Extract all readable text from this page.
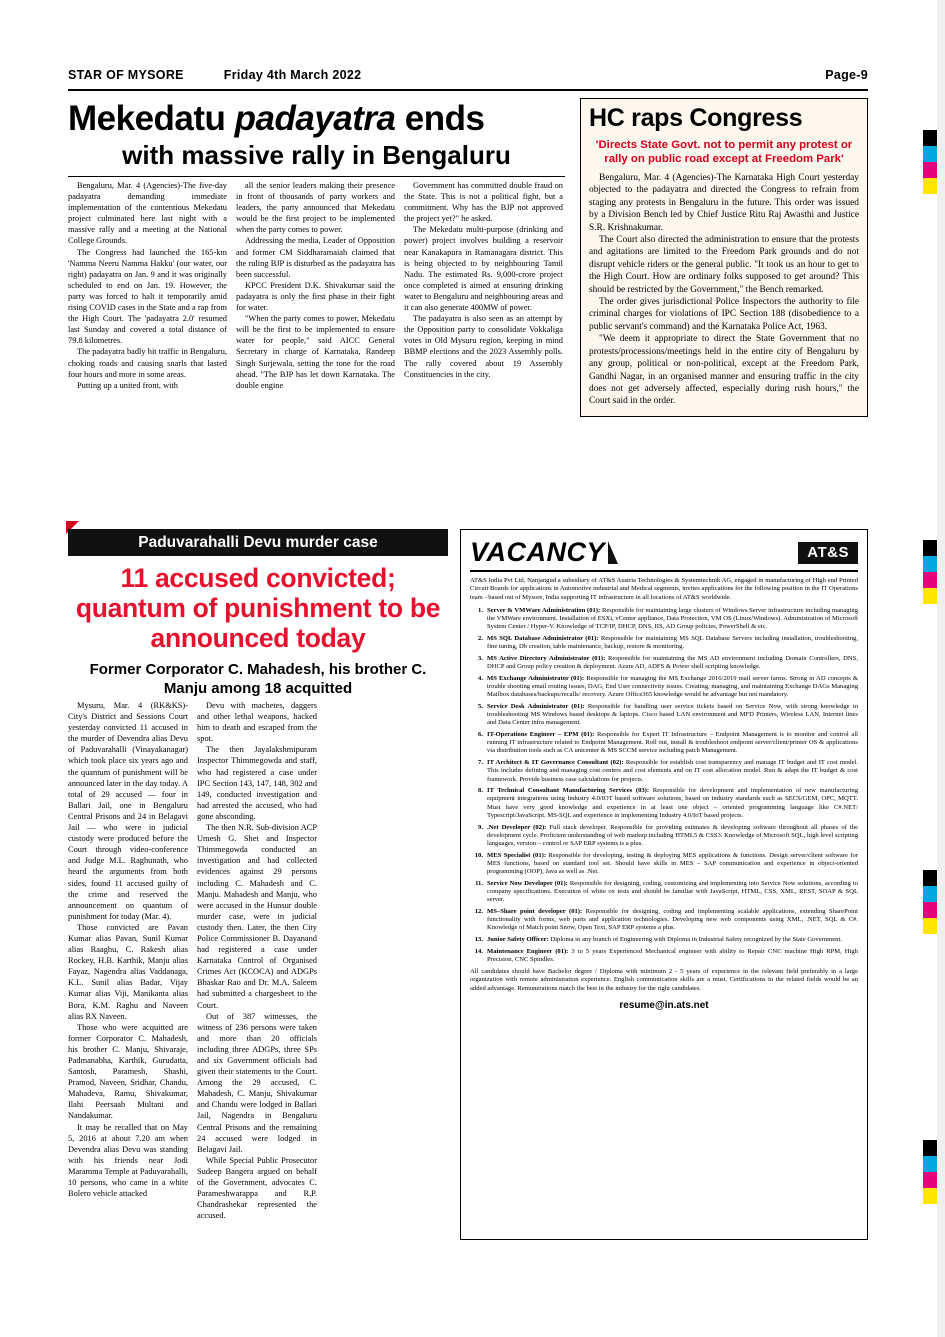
STAR OF MYSORE	Friday 4th March 2022	Page-9
Mekedatu padayatra ends
with massive rally in Bengaluru

Bengaluru, Mar. 4 (Agencies)-The five-day padayatra demanding immediate implementation of the contentious Mekedatu project culminated here last night with a massive rally and a meeting at the National College Grounds.

The Congress had launched the 165-km 'Namma Neeru Namma Hakku' (our water, our right) padayatra on Jan. 9 and it was originally scheduled to end on Jan. 19. However, the party was forced to halt it temporarily amid rising COVID cases in the State and a rap from the High Court. The 'padayatra 2.0' resumed last Sunday and covered a total distance of 79.8 kilometres.

The padayatra badly hit traffic in Bengaluru, choking roads and causing snarls that lasted four hours and more in some areas.

Putting up a united front, with

all the senior leaders making their presence in front of thousands of party workers and leaders, the party announced that Mekedatu would be the first project to be implemented when the party comes to power.

Addressing the media, Leader of Opposition and former CM Siddharamaiah claimed that the ruling BJP is disturbed as the padayatra has been successful.

KPCC President D.K. Shivakumar said the padayatra is only the first phase in their fight for water.

"When the party comes to power, Mekedatu will be the first to be implemented to ensure water for people," said AICC General Secretary in charge of Karnataka, Randeep Singh Surjewala, setting the tone for the road ahead. "The BJP has let down Karnataka. The double engine

Government has committed double fraud on the State. This is not a political fight, but a commitment. Why has the BJP not approved the project yet?" he asked.

The Mekedatu multi-purpose (drinking and power) project involves building a reservoir near Kanakapura in Ramanagara district. This is being objected to by neighbouring Tamil Nadu. The estimated Rs. 9,000-crore project once completed is aimed at ensuring drinking water to Bengaluru and neighbouring areas and it can also generate 400MW of power.

The padayatra is also seen as an attempt by the Opposition party to consolidate Vokkaliga votes in Old Mysuru region, keeping in mind BBMP elections and the 2023 Assembly polls. The rally covered about 19 Assembly Constituencies in the city.

HC raps Congress
'Directs State Govt. not to permit any protest or rally on public road except at Freedom Park'

Bengaluru, Mar. 4 (Agencies)-The Karnataka High Court yesterday objected to the padayatra and directed the Congress to refrain from staging any protests in Bengaluru in the future. This order was issued by a Division Bench led by Chief Justice Ritu Raj Awasthi and Justice S.R. Krishnakumar.

The Court also directed the administration to ensure that the protests and agitations are limited to the Freedom Park grounds and do not disrupt vehicle riders or the general public. "It took us an hour to get to the High Court. How are ordinary folks supposed to get around? This should be restricted by the Government," the Bench remarked.

The order gives jurisdictional Police Inspectors the authority to file criminal charges for violations of IPC Section 188 (disobedience to a public servant's command) and the Karnataka Police Act, 1963.

"We deem it appropriate to direct the State Government that no protests/processions/meetings held in the entire city of Bengaluru by any group, political or non-political, except at the Freedom Park, Gandhi Nagar, in an organised manner and ensuring traffic in the city does not get adversely affected, especially during rush hours," the Court said in the order.

Paduvarahalli Devu murder case
11 accused convicted; quantum of punishment to be announced today
Former Corporator C. Mahadesh, his brother C. Manju among 18 acquitted

Mysuru, Mar. 4 (RK&KS)- City's District and Sessions Court yesterday convicted 11 accused in the murder of Devendra alias Devu of Paduvarahalli (Vinayakanagar) which took place six years ago and the quantum of punishment will be announced later in the day today. A total of 29 accused — four in Ballari Jail, one in Bengaluru Central Prisons and 24 in Belagavi Jail — who were in judicial custody were produced before the Court through video-conference and Judge M.L. Raghunath, who heard the arguments from both sides, found 11 accused guilty of the crime and reserved the announcement on quantum of punishment for today (Mar. 4).

Those convicted are Pavan Kumar alias Pavan, Sunil Kumar alias Raaghu, C. Rakesh alias Rockey, H.B. Karthik, Manju alias Fayaz, Nagendra alias Vaddanaga, K.L. Sunil alias Badar, Vijay Kumar alias Viji, Manikanta alias Bora, K.M. Raghu and Naveen alias RX Naveen.

Those who were acquitted are former Corporator C. Mahadesh, his brother C. Manju, Shivaraje, Padmanabha, Karthik, Gurudatta, Santosh, Paramesh, Shashi, Pramod, Naveen, Sridhar, Chandu, Mahadeva, Ramu, Shivakumar, Ilahi Peersaab Multani and Nandakumar.

It may be recalled that on May 5, 2016 at about 7.20 am when Devendra alias Devu was standing with his friends near Jodi Maramma Temple at Paduvarahalli, 10 persons, who came in a white Bolero vehicle attacked

Devu with machetes, daggers and other lethal weapons, hacked him to death and escaped from the spot.

The then Jayalakshmipuram Inspector Thimmegowda and staff, who had registered a case under IPC Section 143, 147, 148, 302 and 149, conducted investigation and had arrested the accused, who had gone absconding.

The then N.R. Sub-division ACP Umesh G. Shet and Inspector Thimmegowda conducted an investigation and had collected evidences against 29 persons including C. Mahadesh and C. Manju. Mahadesh and Manju, who were accused in the Hunsur double murder case, were in judicial custody then. Later, the then City Police Commissioner B. Dayanand had registered a case under Karnataka Control of Organised Crimes Act (KCOCA) and ADGPs Bhaskar Rao and Dr. M.A. Saleem had submitted a chargesheet to the Court.

Out of 387 witnesses, the witness of 236 persons were taken and more than 20 officials including three ADGPs, three SPs and six Government officials had given their statements to the Court. Among the 29 accused, C. Mahadesh, C. Manju, Shivakumar and Chandu were lodged in Ballari Jail, Nagendra in Bengaluru Central Prisons and the remaining 24 accused were lodged in Belagavi Jail.

While Special Public Prosecutor Sudeep Bangera argued on behalf of the Government, advocates C. Parameshwarappa and R.P. Chandrashekar represented the accused.

VACANCY	AT&S
AT&S India Pvt Ltd, Nanjangud a subsidiary of AT&S Austria Technologies & Systemtechnik AG, engaged in manufacturing of High end Printed Circuit Boards for applications in Automotive industrial and Medical segments, invites applications for the following position in the IT Operations team - based out of Mysore, India supporting IT infrastructure in all locations of AT&S worldwide.
1. Server & VMWare Administration (01): Responsible for maintaining large clusters of Windows Server infrastructure including managing the VMWare environment. Installation of ESXi, vCenter appliance, Data Protection, VM OS (Linux/Windows). Administration of Microsoft System Center / Hyper-V. Knowledge of TCP/IP, DHCP, DNS, IIS, AD Group policies, PowerShell & etc.
2. MS SQL Database Administrator (01): Responsible for maintaining MS SQL Database Servers including installation, troubleshooting, fine tuning, Db creation, table maintenance, backup, restore & monitoring.
3. MS Active Directory Administrator (01): Responsible for maintaining the MS AD environment including Domain Controllers, DNS, DHCP and Group policy creation & deployment. Azure AD, ADFS & Power shell scripting knowledge.
4. MS Exchange Administrator (01): Responsible for managing the MS Exchange 2016/2019 mail server farms. Strong in AD concepts & trouble shooting email routing issues, DAG, End User connectivity issues. Creating, managing, and maintaining Exchange DAGs Managing Mailbox databases/backups/recalls/ recovery. Azure Office365 knowledge would be advantage but not mandatory.
5. Service Desk Administrator (01): Responsible for handling user service tickets based on Service Now, with strong knowledge in troubleshooting MS Windows based desktops & laptops. Cisco based LAN environment and MFD Printers, Wireless LAN, Internet lines and Data Center infra management.
6. IT-Operations Engineer – EPM (01): Responsible for Expert IT Infrastructure – Endpoint Management is to monitor and control all running IT infrastructure related to Endpoint Management. Roll out, install & troubleshoot endpoint server/client/printer OS & applications via distribution tools such as CA unicenter & MS SCCM service including patch Management.
7. IT Architect & IT Governance Consultant (02): Responsible for establish cost transparency and manage IT budget and IT cost model. This includes defining and managing cost centers and cost elements and on IT cost allocation model. Run & adapt the IT budget & cost framework. Provide business case calculations for projects.
8. IT Technical Consultant Manufacturing Services (03): Responsible for development and implementation of new manufacturing equipment integrations using Industry 4.0/IOT based software solutions, based on industry standards such as SECS/GEM, OPC, MQTT. Must have very good knowledge and experience in at least one object – oriented programming language like C#.NET/ Typescript/JavaScript. MS-SQL and experience in implementing Industry 4.0/IoT based projects.
9. .Net Developer (02): Full stack developer. Responsible for providing estimates & developing software throughout all phases of the development cycle. Proficient understanding of web markup including HTML5 & CSS3. Knowledge of Microsoft SQL, high level scripting languages, version – control or SAP ERP systems is a plus.
10. MES Specialist (01): Responsible for developing, testing & deploying MES applications & functions. Design server/client software for MES functions, based on standard tool set. Should have skills in MES – SAP communication and experience in object-oriented programming (OOP), Java as well as .Net.
11. Service Now Developer (01): Responsible for designing, coding, customizing and implementing into Service Now solutions, according to company specifications. Execution of white ox tests and should be familiar with JavaScript, HTML, CSS, XML, REST, SOAP & SQL server.
12. MS–Share point developer (01): Responsible for designing, coding and implementing scalable applications, extending SharePoint functionality with forms, web parts and application technologies. Developing new web components using XML, .NET, SQL & C#. Knowledge of Match point Snow, Open Text, SAP ERP systems a plus.
13. Junior Safety Officer: Diploma in any branch of Engineering with Diploma in Industrial Safety recognized by the State Government.
14. Maintenance Engineer (01): 3 to 5 years Experienced Mechanical engineer with ability to Repair CNC machine High RPM, High Precision, CNC Spindles.
All candidates should have Bachelor degree / Diploma with minimum 2 - 5 years of experience in the relevant field preferably in a large organization with remote administration experience. English communication skills are a must. Certifications in the related fields would be an added advantage. Remunerations match the best in the industry for the right candidates.
resume@in.ats.net
